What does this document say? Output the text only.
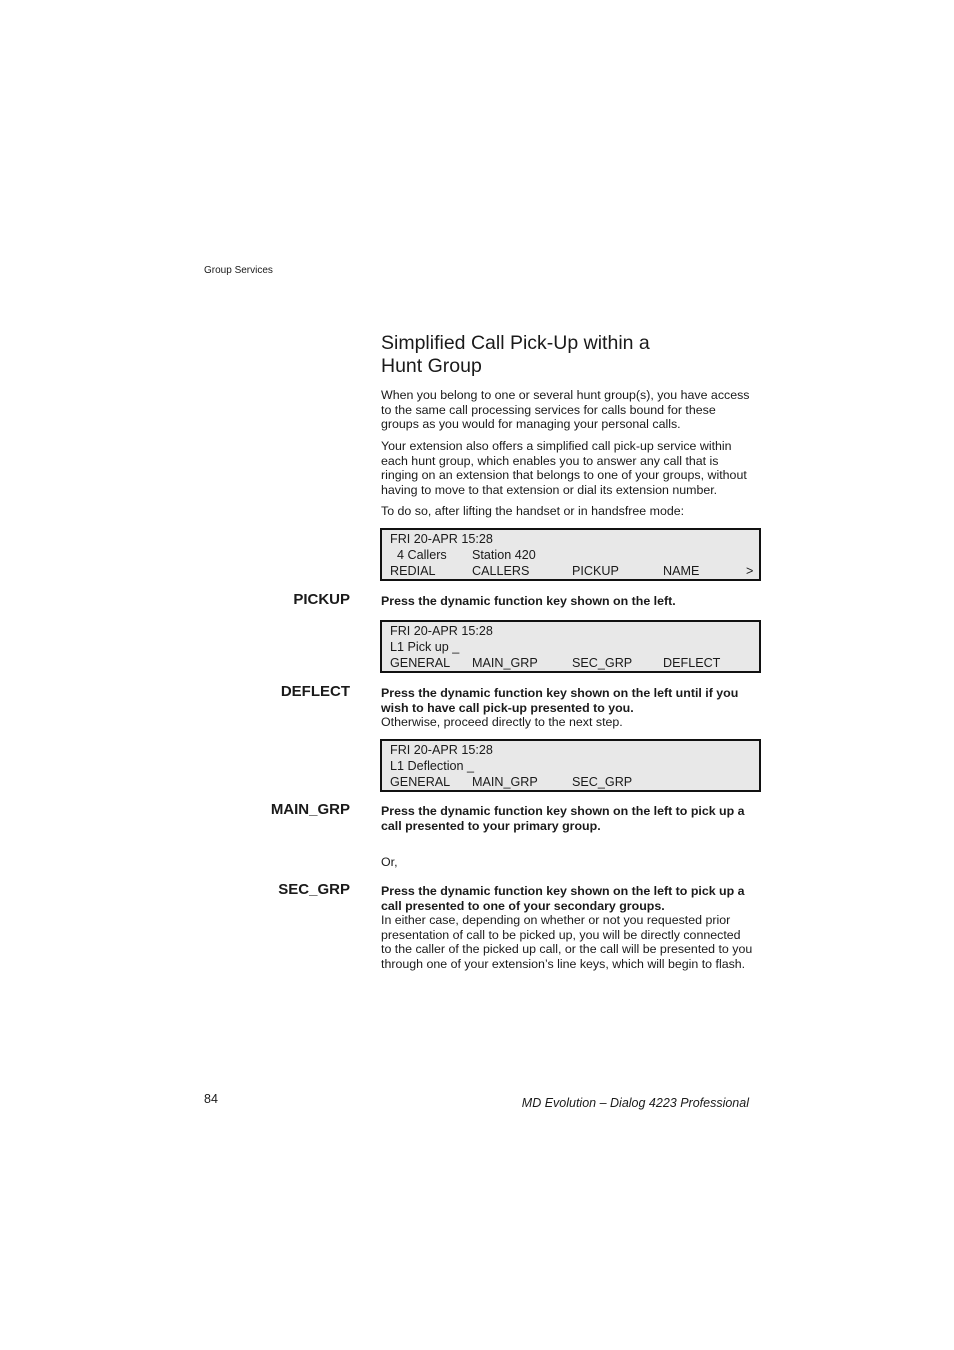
Group Services
Simplified Call Pick-Up within a
Hunt Group
When you belong to one or several hunt group(s), you have access to the same call processing services for calls bound for these groups as you would for managing your personal calls.
Your extension also offers a simplified call pick-up service within each hunt group, which enables you to answer any call that is ringing on an extension that belongs to one of your groups, without having to move to that extension or dial its extension number.
To do so, after lifting the handset or in handsfree mode:
FRI 20-APR 15:28
4 Callers Station 420
REDIAL	CALLERS	PICKUP	NAME	>
PICKUP	Press the dynamic function key shown on the left.
FRI 20-APR 15:28
L1 Pick up _
GENERAL MAIN_GRP	SEC_GRP DEFLECT
DEFLECT	Press the dynamic function key shown on the left until if you wish to have call pick-up presented to you.
Otherwise, proceed directly to the next step.
FRI 20-APR 15:28
L1 Deflection _
GENERAL MAIN_GRP	SEC_GRP
MAIN_GRP	Press the dynamic function key shown on the left to pick up a call presented to your primary group.
Or,
SEC_GRP	Press the dynamic function key shown on the left to pick up a call presented to one of your secondary groups.
In either case, depending on whether or not you requested prior presentation of call to be picked up, you will be directly connected to the caller of the picked up call, or the call will be presented to you through one of your extension’s line keys, which will begin to flash.
84	MD Evolution – Dialog 4223 Professional
